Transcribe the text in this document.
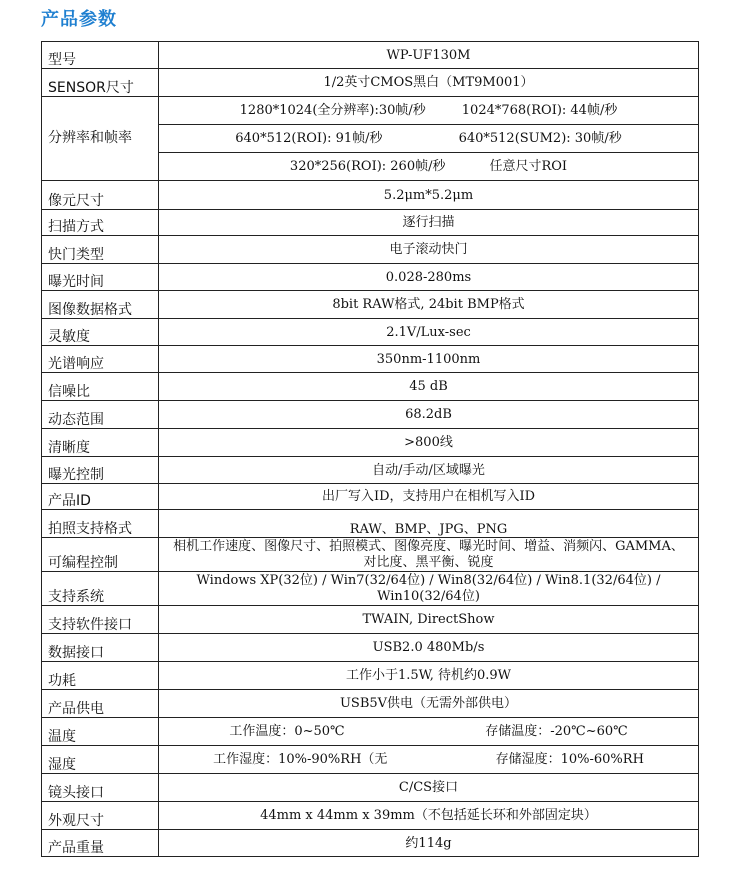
产品参数
型号	WP-UF130M
SENSOR尺寸	1/2英寸CMOS黑白（MT9M001）
分辨率和帧率	1280*1024(全分辨率):30帧/秒 1024*768(ROI): 44帧/秒

	640*512(ROI): 91帧/秒 640*512(SUM2): 30帧/秒

	320*256(ROI): 260帧/秒 任意尺寸ROI

像元尺寸	5.2μm*5.2μm
扫描方式	逐行扫描
快门类型	电子滚动快门
曝光时间	0.028-280ms
图像数据格式	8bit RAW格式, 24bit BMP格式
灵敏度	2.1V/Lux-sec
光谱响应	350nm-1100nm
信噪比	45 dB
动态范围	68.2dB
清晰度	>800线
曝光控制	自动/手动/区域曝光
产品ID	出厂写入ID，支持用户在相机写入ID
拍照支持格式	RAW、BMP、JPG、PNG
可编程控制	相机工作速度、图像尺寸、拍照模式、图像亮度、曝光时间、增益、消频闪、GAMMA、对比度、黑平衡、锐度

支持系统	Windows XP(32位) / Win7(32/64位) / Win8(32/64位) / Win8.1(32/64位) / Win10(32/64位)

支持软件接口	TWAIN, DirectShow
数据接口	USB2.0 480Mb/s
功耗	工作小于1.5W, 待机约0.9W
产品供电	USB5V供电（无需外部供电）
温度	工作温度：0~50℃ 存储温度：-20℃~60℃

湿度	工作湿度：10%-90%RH（无 存储湿度：10%-60%RH

镜头接口	C/CS接口
外观尺寸	44mm x 44mm x 39mm（不包括延长环和外部固定块）
产品重量	约114g
